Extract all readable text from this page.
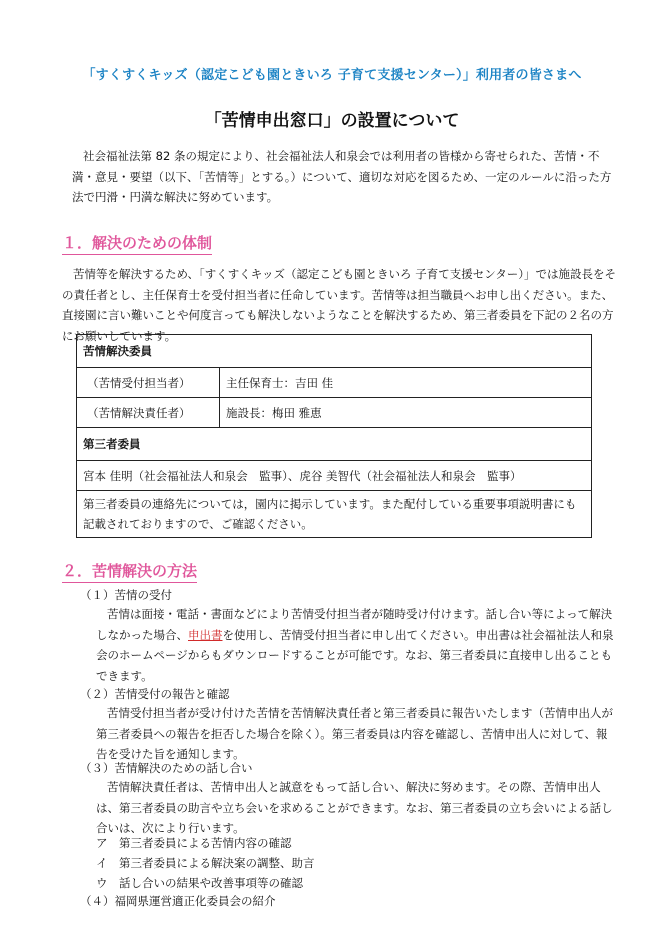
「すくすくキッズ（認定こども園ときいろ 子育て支援センター）」利用者の皆さまへ
「苦情申出窓口」の設置について
社会福祉法第 82 条の規定により、社会福祉法人和泉会では利用者の皆様から寄せられた、苦情・不満・意見・要望（以下、「苦情等」とする。）について、適切な対応を図るため、一定のルールに沿った方法で円滑・円満な解決に努めています。
１．解決のための体制
苦情等を解決するため、「すくすくキッズ（認定こども園ときいろ 子育て支援センター）」では施設長をその責任者とし、主任保育士を受付担当者に任命しています。苦情等は担当職員へお申し出ください。また、直接園に言い難いことや何度言っても解決しないようなことを解決するため、第三者委員を下記の２名の方にお願いしています。
苦情解決委員	
（苦情受付担当者）	主任保育士：吉田 佳
（苦情解決責任者）	施設長：梅田 雅恵
第三者委員	
宮本 佳明（社会福祉法人和泉会　監事）、虎谷 美智代（社会福祉法人和泉会　監事）	
第三者委員の連絡先については，園内に掲示しています。また配付している重要事項説明書にも記載されておりますので、ご確認ください。	
２．苦情解決の方法
（１）苦情の受付
苦情は面接・電話・書面などにより苦情受付担当者が随時受け付けます。話し合い等によって解決しなかった場合、申出書を使用し、苦情受付担当者に申し出てください。申出書は社会福祉法人和泉会のホームページからもダウンロードすることが可能です。なお、第三者委員に直接申し出ることもできます。
（２）苦情受付の報告と確認
苦情受付担当者が受け付けた苦情を苦情解決責任者と第三者委員に報告いたします（苦情申出人が第三者委員への報告を拒否した場合を除く）。第三者委員は内容を確認し、苦情申出人に対して、報告を受けた旨を通知します。
（３）苦情解決のための話し合い
苦情解決責任者は、苦情申出人と誠意をもって話し合い、解決に努めます。その際、苦情申出人は、第三者委員の助言や立ち会いを求めることができます。なお、第三者委員の立ち会いによる話し合いは、次により行います。
ア　第三者委員による苦情内容の確認
イ　第三者委員による解決案の調整、助言
ウ　話し合いの結果や改善事項等の確認
（４）福岡県運営適正化委員会の紹介
